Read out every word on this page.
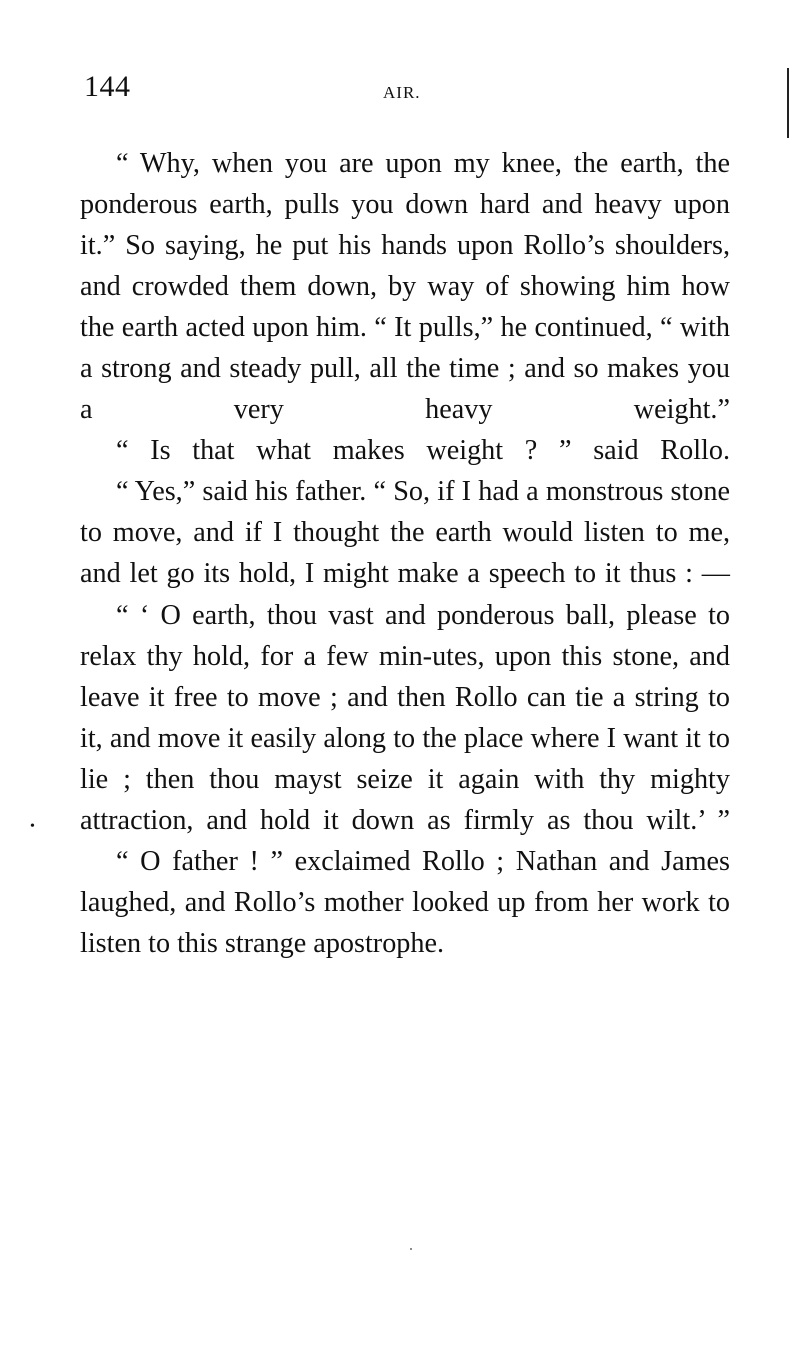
144	AIR.
•

“ Why, when you are upon my knee, the earth, the ponderous earth, pulls you down hard and heavy upon it.” So saying, he put his hands upon Rollo’s shoulders, and crowded them down, by way of showing him how the earth acted upon him. “ It pulls,” he continued, “ with a strong and steady pull, all the time ; and so makes you a very heavy weight.”

“ Is that what makes weight ? ” said Rollo.

“ Yes,” said his father. “ So, if I had a monstrous stone to move, and if I thought the earth would listen to me, and let go its hold, I might make a speech to it thus : —

“ ‘ O earth, thou vast and ponderous ball, please to relax thy hold, for a few min-utes, upon this stone, and leave it free to move ; and then Rollo can tie a string to it, and move it easily along to the place where I want it to lie ; then thou mayst seize it again with thy mighty attraction, and hold it down as firmly as thou wilt.’ ”

“ O father ! ” exclaimed Rollo ; Nathan and James laughed, and Rollo’s mother looked up from her work to listen to this strange apostrophe.
